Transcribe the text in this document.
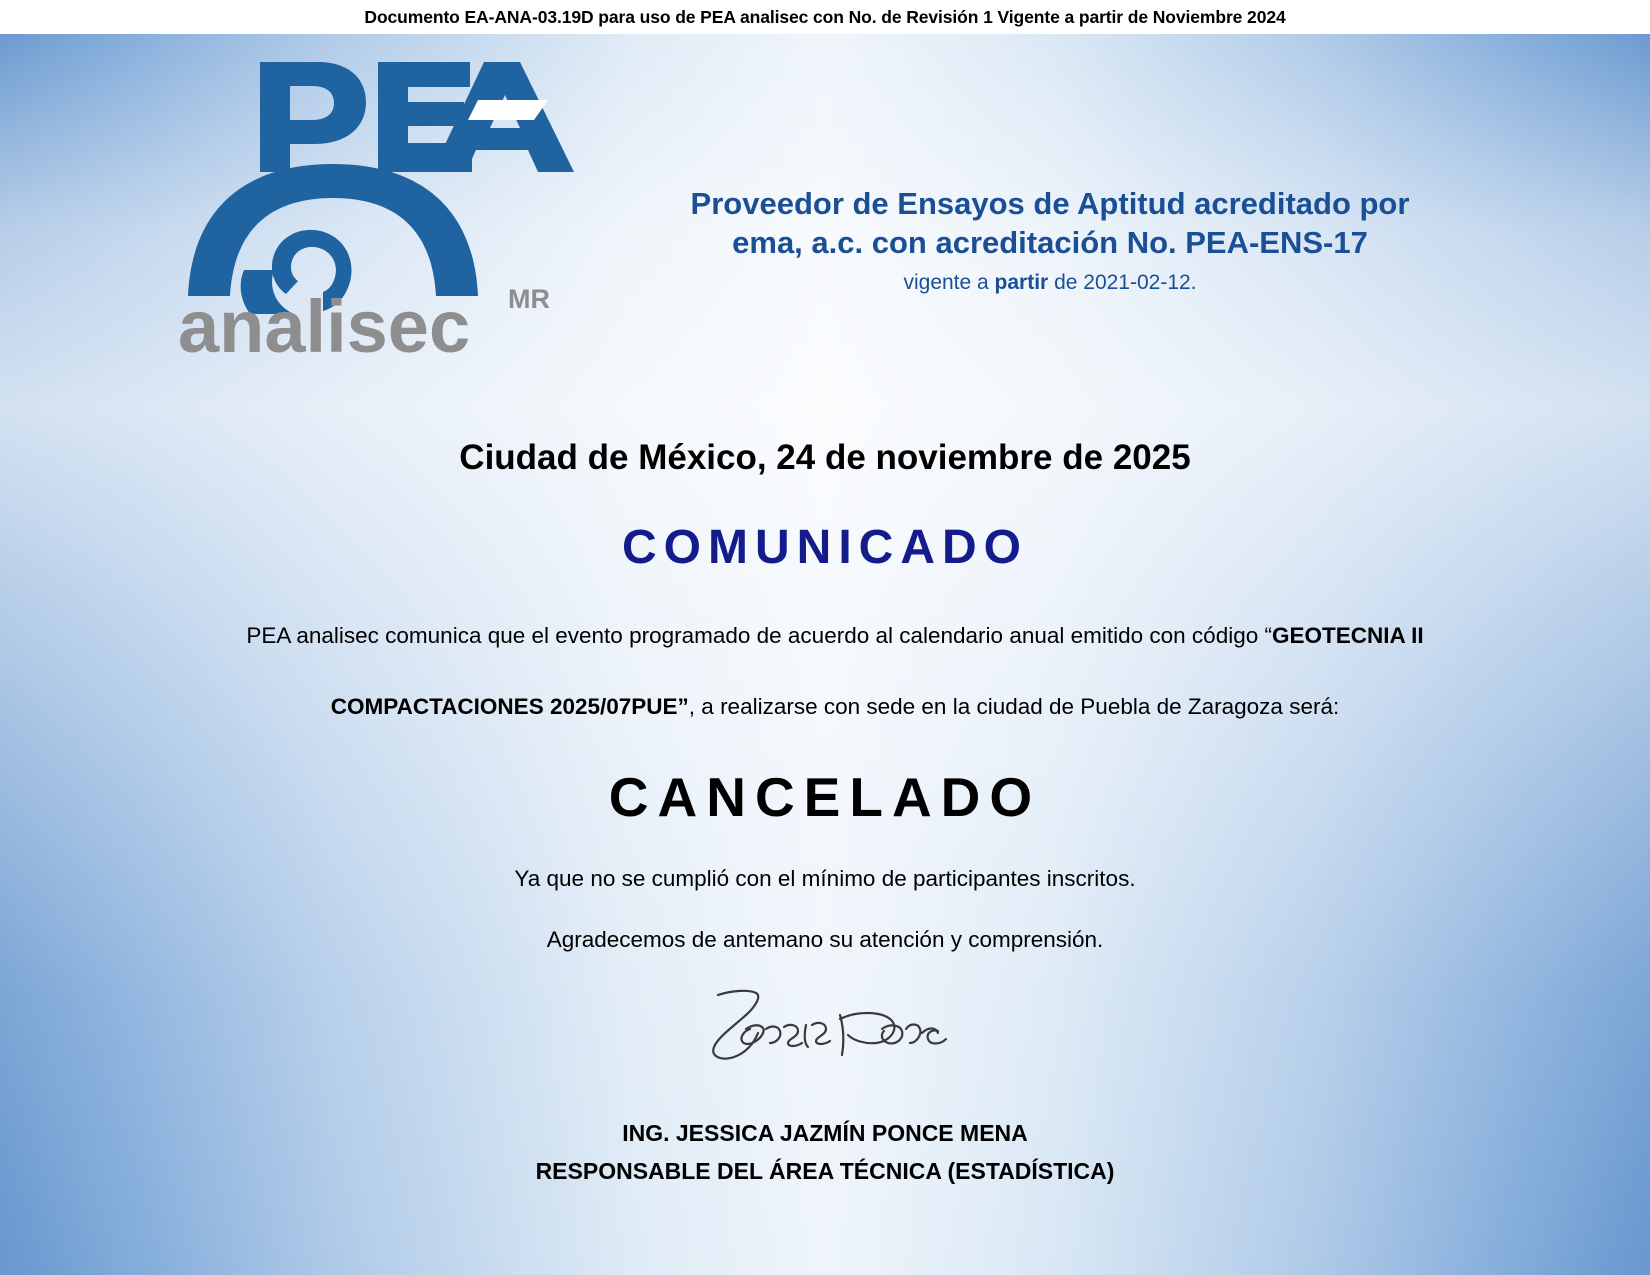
Documento EA-ANA-03.19D para uso de PEA analisec con No. de Revisión 1 Vigente a partir de Noviembre 2024
analisec MR
Proveedor de Ensayos de Aptitud acreditado por
ema, a.c. con acreditación No. PEA-ENS-17
vigente a partir de 2021-02-12.
Ciudad de México, 24 de noviembre de 2025
COMUNICADO
PEA analisec comunica que el evento programado de acuerdo al calendario anual emitido con código “GEOTECNIA II
COMPACTACIONES 2025/07PUE”, a realizarse con sede en la ciudad de Puebla de Zaragoza será:
CANCELADO
Ya que no se cumplió con el mínimo de participantes inscritos.
Agradecemos de antemano su atención y comprensión.
ING. JESSICA JAZMÍN PONCE MENA
RESPONSABLE DEL ÁREA TÉCNICA (ESTADÍSTICA)
